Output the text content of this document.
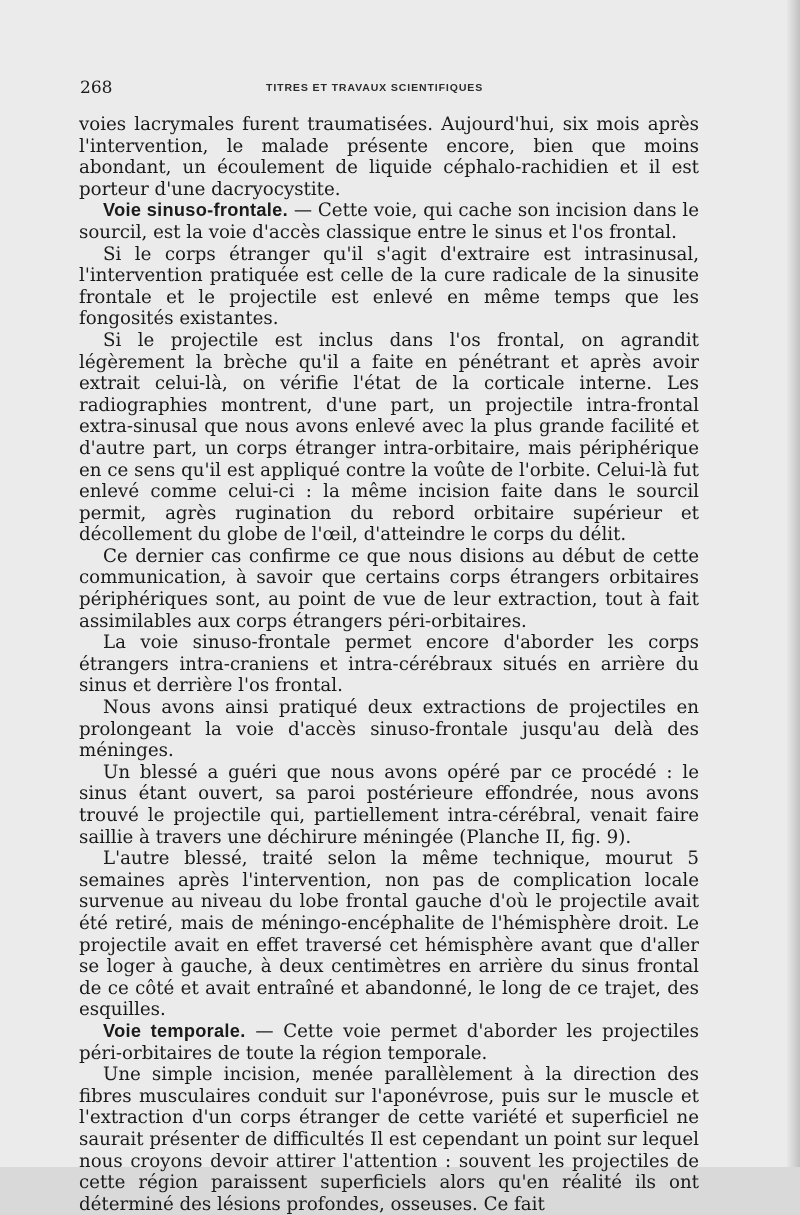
268	TITRES ET TRAVAUX SCIENTIFIQUES

voies lacrymales furent traumatisées. Aujourd'hui, six mois après l'intervention, le malade présente encore, bien que moins abondant, un écoulement de liquide céphalo-rachidien et il est porteur d'une dacryocystite.

Voie sinuso-frontale. — Cette voie, qui cache son incision dans le sourcil, est la voie d'accès classique entre le sinus et l'os frontal.

Si le corps étranger qu'il s'agit d'extraire est intrasinusal, l'intervention pratiquée est celle de la cure radicale de la sinusite frontale et le projectile est enlevé en même temps que les fongosités existantes.

Si le projectile est inclus dans l'os frontal, on agrandit légèrement la brèche qu'il a faite en pénétrant et après avoir extrait celui-là, on vérifie l'état de la corticale interne. Les radiographies montrent, d'une part, un projectile intra-frontal extra-sinusal que nous avons enlevé avec la plus grande facilité et d'autre part, un corps étranger intra-orbitaire, mais périphérique en ce sens qu'il est appliqué contre la voûte de l'orbite. Celui-là fut enlevé comme celui-ci : la même incision faite dans le sourcil permit, agrès rugination du rebord orbitaire supérieur et décollement du globe de l'œil, d'atteindre le corps du délit.

Ce dernier cas confirme ce que nous disions au début de cette communication, à savoir que certains corps étrangers orbitaires périphériques sont, au point de vue de leur extraction, tout à fait assimilables aux corps étrangers péri-orbitaires.

La voie sinuso-frontale permet encore d'aborder les corps étrangers intra-craniens et intra-cérébraux situés en arrière du sinus et derrière l'os frontal.

Nous avons ainsi pratiqué deux extractions de projectiles en prolongeant la voie d'accès sinuso-frontale jusqu'au delà des méninges.

Un blessé a guéri que nous avons opéré par ce procédé : le sinus étant ouvert, sa paroi postérieure effondrée, nous avons trouvé le projectile qui, partiellement intra-cérébral, venait faire saillie à travers une déchirure méningée (Planche II, fig. 9).

L'autre blessé, traité selon la même technique, mourut 5 semaines après l'intervention, non pas de complication locale survenue au niveau du lobe frontal gauche d'où le projectile avait été retiré, mais de méningo-encéphalite de l'hémisphère droit. Le projectile avait en effet traversé cet hémisphère avant que d'aller se loger à gauche, à deux centimètres en arrière du sinus frontal de ce côté et avait entraîné et abandonné, le long de ce trajet, des esquilles.

Voie temporale. — Cette voie permet d'aborder les projectiles péri-orbitaires de toute la région temporale.

Une simple incision, menée parallèlement à la direction des fibres musculaires conduit sur l'aponévrose, puis sur le muscle et l'extraction d'un corps étranger de cette variété et superficiel ne saurait présenter de difficultés Il est cependant un point sur lequel nous croyons devoir attirer l'attention : souvent les projectiles de cette région paraissent superficiels alors qu'en réalité ils ont déterminé des lésions profondes, osseuses. Ce fait
